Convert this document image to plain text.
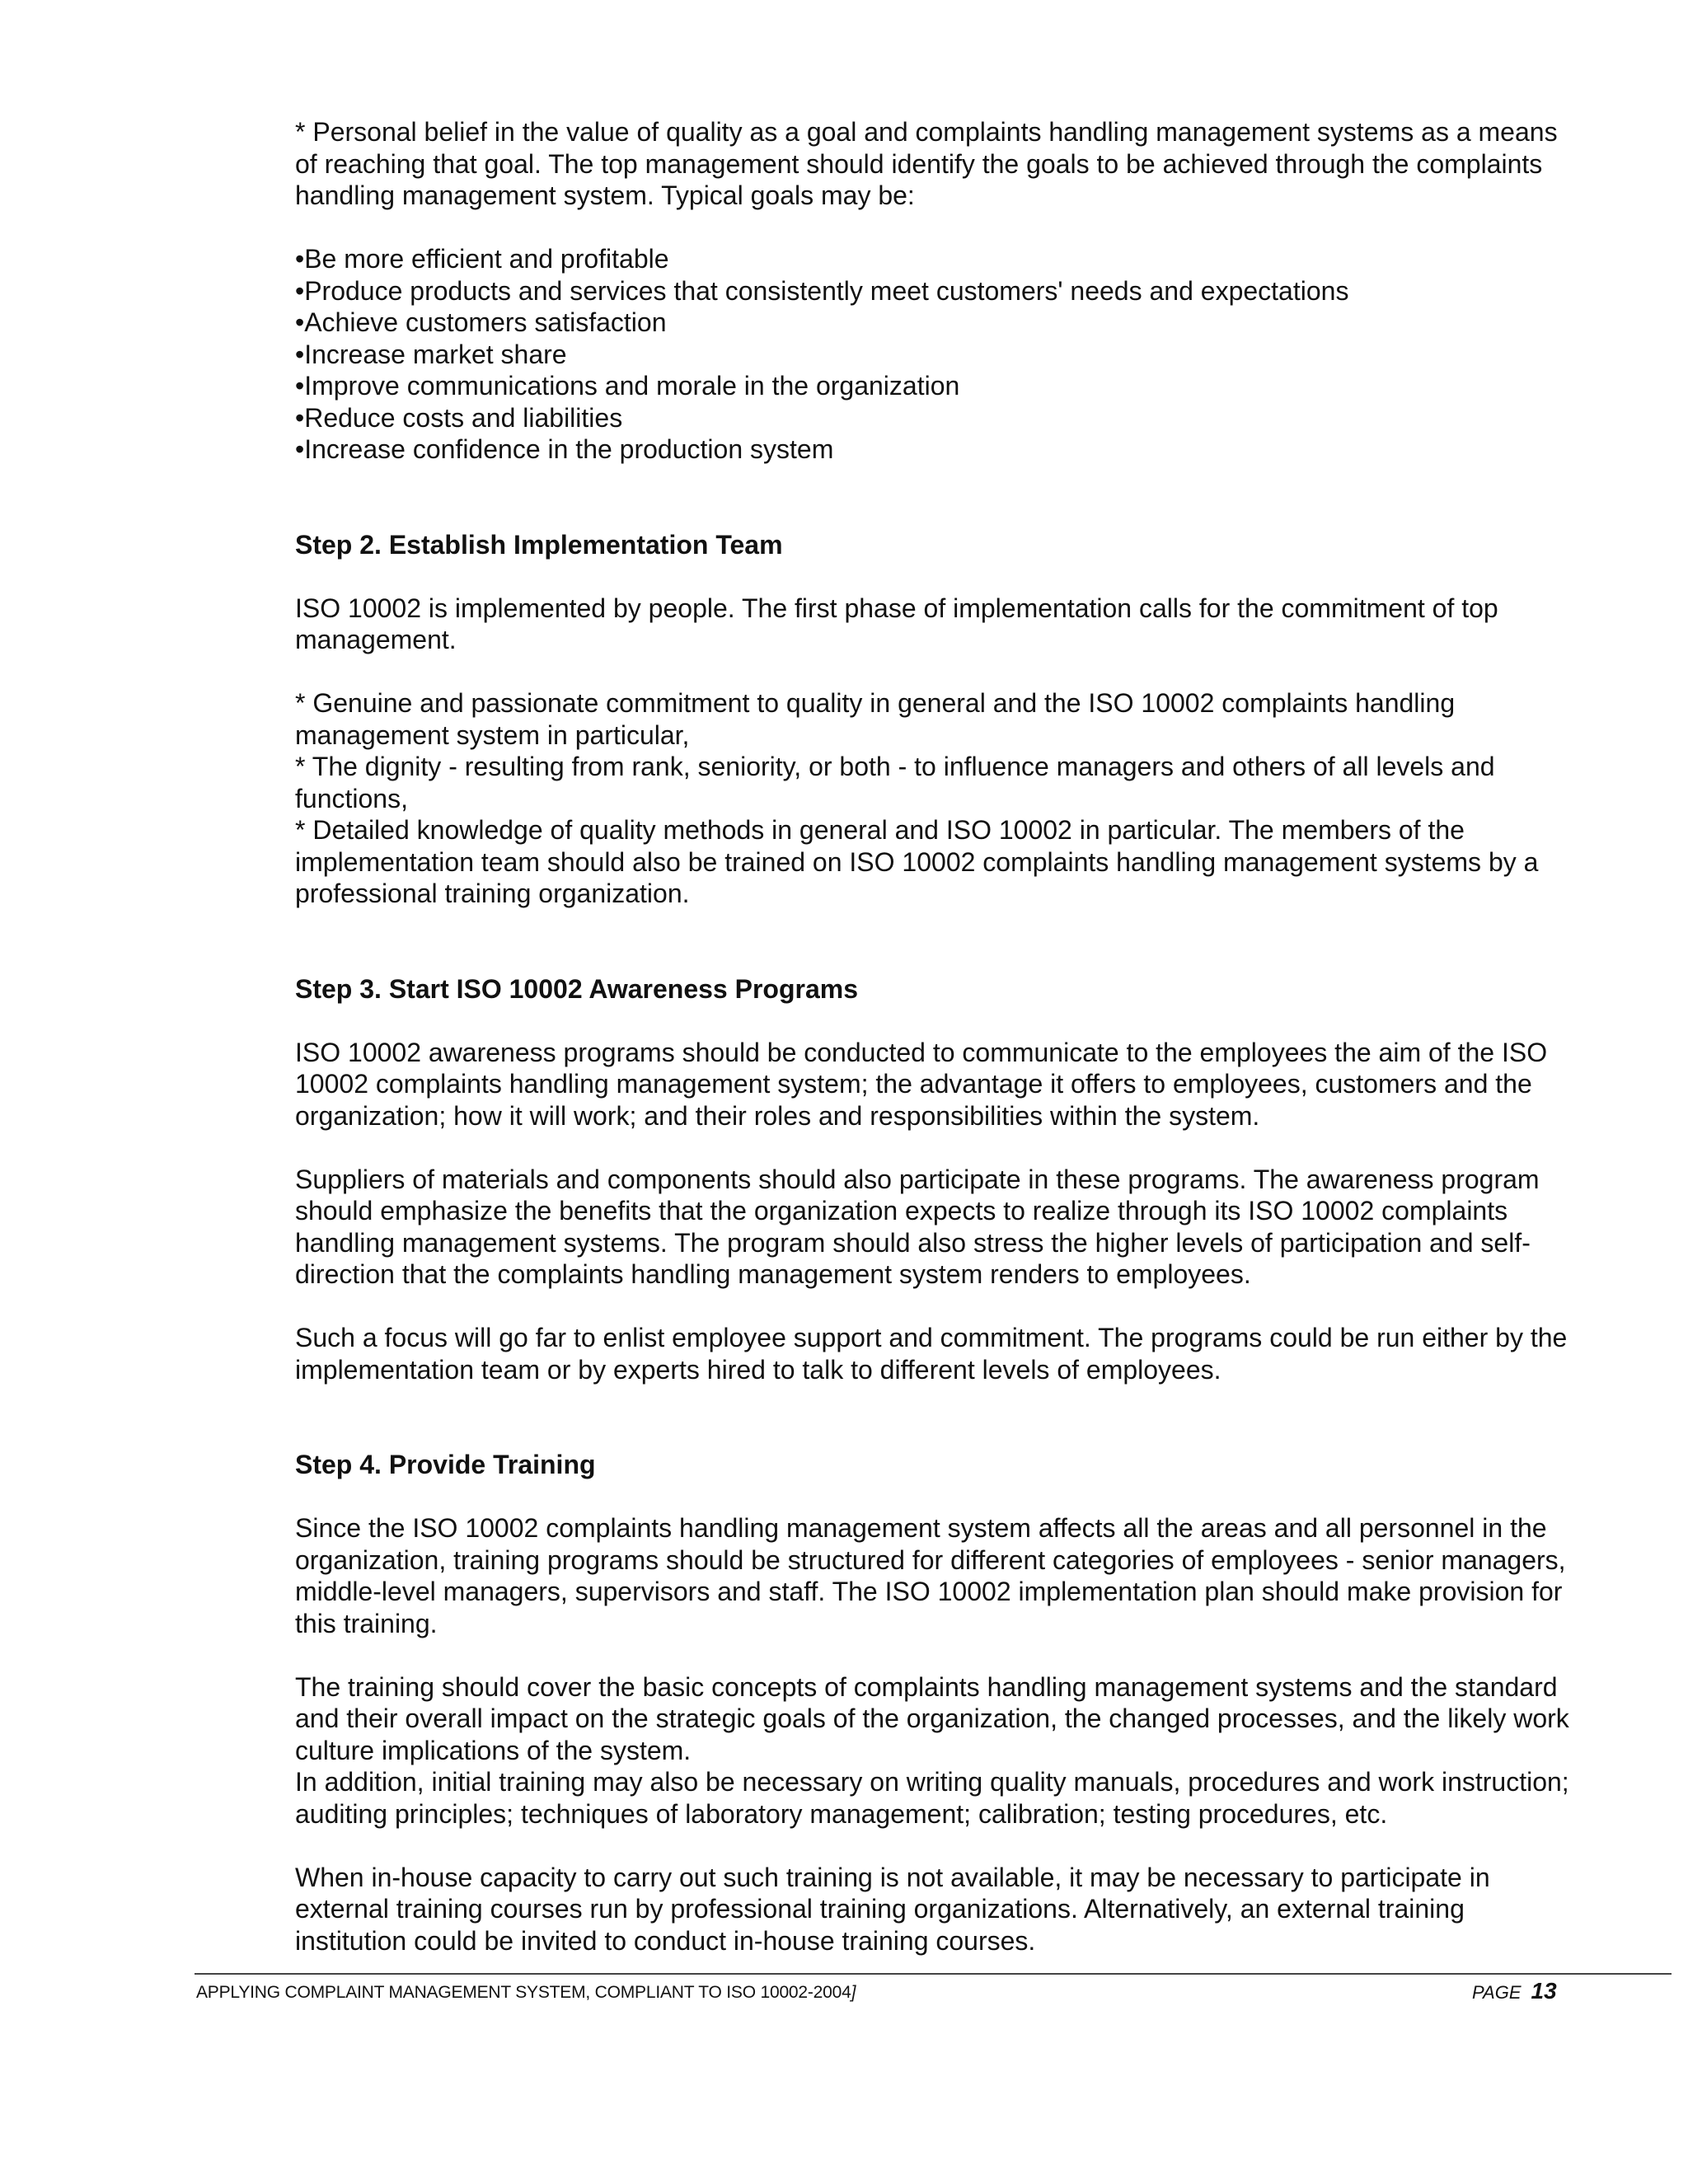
* Personal belief in the value of quality as a goal and complaints handling management systems as a means of reaching that goal. The top management should identify the goals to be achieved through the complaints handling management system. Typical goals may be:

• Be more efficient and profitable
• Produce products and services that consistently meet customers' needs and expectations
• Achieve customers satisfaction
• Increase market share
• Improve communications and morale in the organization
• Reduce costs and liabilities
• Increase confidence in the production system

Step 2. Establish Implementation Team

ISO 10002 is implemented by people. The first phase of implementation calls for the commitment of top management.

* Genuine and passionate commitment to quality in general and the ISO 10002 complaints handling management system in particular,

* The dignity - resulting from rank, seniority, or both - to influence managers and others of all levels and functions,

* Detailed knowledge of quality methods in general and ISO 10002 in particular. The members of the implementation team should also be trained on ISO 10002 complaints handling management systems by a professional training organization.

Step 3. Start ISO 10002 Awareness Programs

ISO 10002 awareness programs should be conducted to communicate to the employees the aim of the ISO 10002 complaints handling management system; the advantage it offers to employees, customers and the organization; how it will work; and their roles and responsibilities within the system.

Suppliers of materials and components should also participate in these programs. The awareness program should emphasize the benefits that the organization expects to realize through its ISO 10002 complaints handling management systems. The program should also stress the higher levels of participation and self-direction that the complaints handling management system renders to employees.

Such a focus will go far to enlist employee support and commitment. The programs could be run either by the implementation team or by experts hired to talk to different levels of employees.

Step 4. Provide Training

Since the ISO 10002 complaints handling management system affects all the areas and all personnel in the organization, training programs should be structured for different categories of employees - senior managers, middle-level managers, supervisors and staff. The ISO 10002 implementation plan should make provision for this training.

The training should cover the basic concepts of complaints handling management systems and the standard and their overall impact on the strategic goals of the organization, the changed processes, and the likely work culture implications of the system.

In addition, initial training may also be necessary on writing quality manuals, procedures and work instruction; auditing principles; techniques of laboratory management; calibration; testing procedures, etc.

When in-house capacity to carry out such training is not available, it may be necessary to participate in external training courses run by professional training organizations. Alternatively, an external training institution could be invited to conduct in-house training courses.

APPLYING COMPLAINT MANAGEMENT SYSTEM, COMPLIANT TO ISO 10002-2004]	PAGE 13
